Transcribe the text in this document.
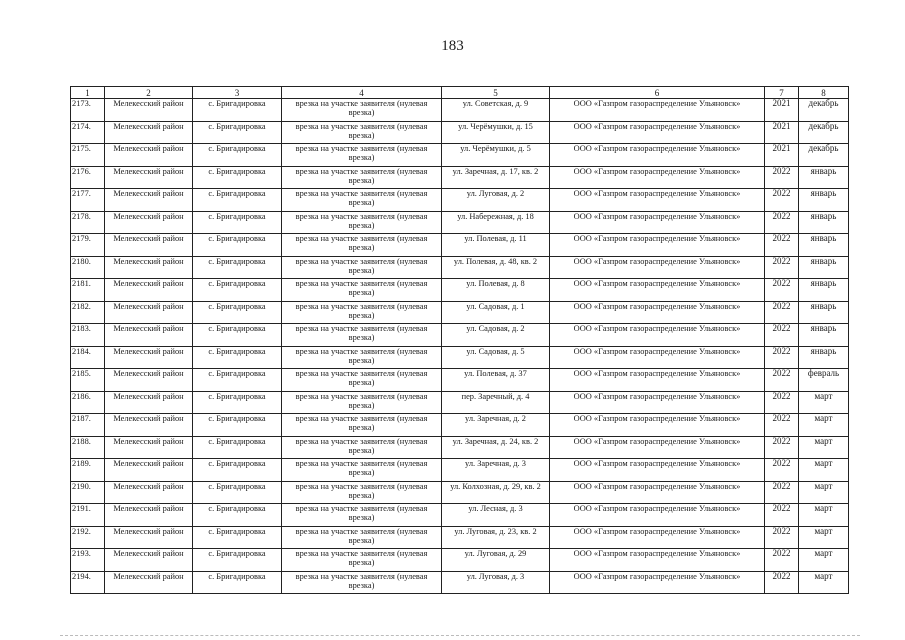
183
1	2	3	4	5	6	7	8
2173.	Мелекесский район	с. Бригадировка	врезка на участке заявителя (нулевая врезка)	ул. Советская, д. 9	ООО «Газпром газораспределение Ульяновск»	2021	декабрь
2174.	Мелекесский район	с. Бригадировка	врезка на участке заявителя (нулевая врезка)	ул. Черёмушки, д. 15	ООО «Газпром газораспределение Ульяновск»	2021	декабрь
2175.	Мелекесский район	с. Бригадировка	врезка на участке заявителя (нулевая врезка)	ул. Черёмушки, д. 5	ООО «Газпром газораспределение Ульяновск»	2021	декабрь
2176.	Мелекесский район	с. Бригадировка	врезка на участке заявителя (нулевая врезка)	ул. Заречная, д. 17, кв. 2	ООО «Газпром газораспределение Ульяновск»	2022	январь
2177.	Мелекесский район	с. Бригадировка	врезка на участке заявителя (нулевая врезка)	ул. Луговая, д. 2	ООО «Газпром газораспределение Ульяновск»	2022	январь
2178.	Мелекесский район	с. Бригадировка	врезка на участке заявителя (нулевая врезка)	ул. Набережная, д. 18	ООО «Газпром газораспределение Ульяновск»	2022	январь
2179.	Мелекесский район	с. Бригадировка	врезка на участке заявителя (нулевая врезка)	ул. Полевая, д. 11	ООО «Газпром газораспределение Ульяновск»	2022	январь
2180.	Мелекесский район	с. Бригадировка	врезка на участке заявителя (нулевая врезка)	ул. Полевая, д. 48, кв. 2	ООО «Газпром газораспределение Ульяновск»	2022	январь
2181.	Мелекесский район	с. Бригадировка	врезка на участке заявителя (нулевая врезка)	ул. Полевая, д. 8	ООО «Газпром газораспределение Ульяновск»	2022	январь
2182.	Мелекесский район	с. Бригадировка	врезка на участке заявителя (нулевая врезка)	ул. Садовая, д. 1	ООО «Газпром газораспределение Ульяновск»	2022	январь
2183.	Мелекесский район	с. Бригадировка	врезка на участке заявителя (нулевая врезка)	ул. Садовая, д. 2	ООО «Газпром газораспределение Ульяновск»	2022	январь
2184.	Мелекесский район	с. Бригадировка	врезка на участке заявителя (нулевая врезка)	ул. Садовая, д. 5	ООО «Газпром газораспределение Ульяновск»	2022	январь
2185.	Мелекесский район	с. Бригадировка	врезка на участке заявителя (нулевая врезка)	ул. Полевая, д. 37	ООО «Газпром газораспределение Ульяновск»	2022	февраль
2186.	Мелекесский район	с. Бригадировка	врезка на участке заявителя (нулевая врезка)	пер. Заречный, д. 4	ООО «Газпром газораспределение Ульяновск»	2022	март
2187.	Мелекесский район	с. Бригадировка	врезка на участке заявителя (нулевая врезка)	ул. Заречная, д. 2	ООО «Газпром газораспределение Ульяновск»	2022	март
2188.	Мелекесский район	с. Бригадировка	врезка на участке заявителя (нулевая врезка)	ул. Заречная, д. 24, кв. 2	ООО «Газпром газораспределение Ульяновск»	2022	март
2189.	Мелекесский район	с. Бригадировка	врезка на участке заявителя (нулевая врезка)	ул. Заречная, д. 3	ООО «Газпром газораспределение Ульяновск»	2022	март
2190.	Мелекесский район	с. Бригадировка	врезка на участке заявителя (нулевая врезка)	ул. Колхозная, д. 29, кв. 2	ООО «Газпром газораспределение Ульяновск»	2022	март
2191.	Мелекесский район	с. Бригадировка	врезка на участке заявителя (нулевая врезка)	ул. Лесная, д. 3	ООО «Газпром газораспределение Ульяновск»	2022	март
2192.	Мелекесский район	с. Бригадировка	врезка на участке заявителя (нулевая врезка)	ул. Луговая, д. 23, кв. 2	ООО «Газпром газораспределение Ульяновск»	2022	март
2193.	Мелекесский район	с. Бригадировка	врезка на участке заявителя (нулевая врезка)	ул. Луговая, д. 29	ООО «Газпром газораспределение Ульяновск»	2022	март
2194.	Мелекесский район	с. Бригадировка	врезка на участке заявителя (нулевая врезка)	ул. Луговая, д. 3	ООО «Газпром газораспределение Ульяновск»	2022	март
